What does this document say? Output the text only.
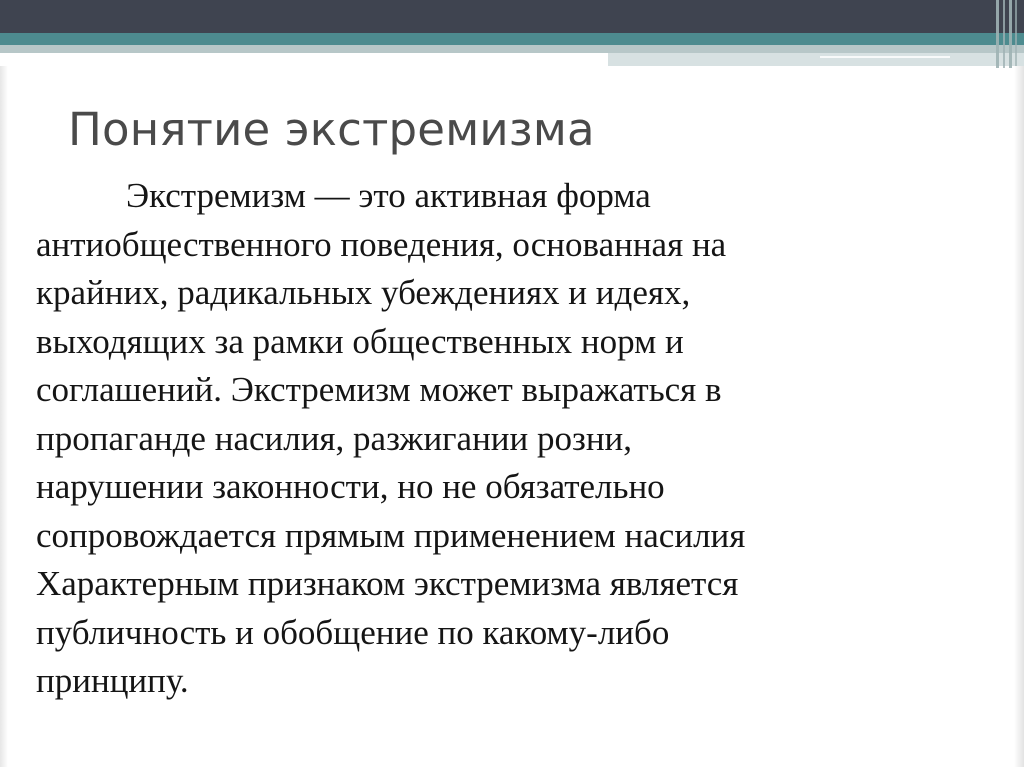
Понятие экстремизма

Экстремизм — это активная форма
антиобщественного поведения, основанная на
крайних, радикальных убеждениях и идеях,
выходящих за рамки общественных норм и
соглашений. Экстремизм может выражаться в
пропаганде насилия, разжигании розни,
нарушении законности, но не обязательно
сопровождается прямым применением насилия
Характерным признаком экстремизма является
публичность и обобщение по какому-либо
принципу.
